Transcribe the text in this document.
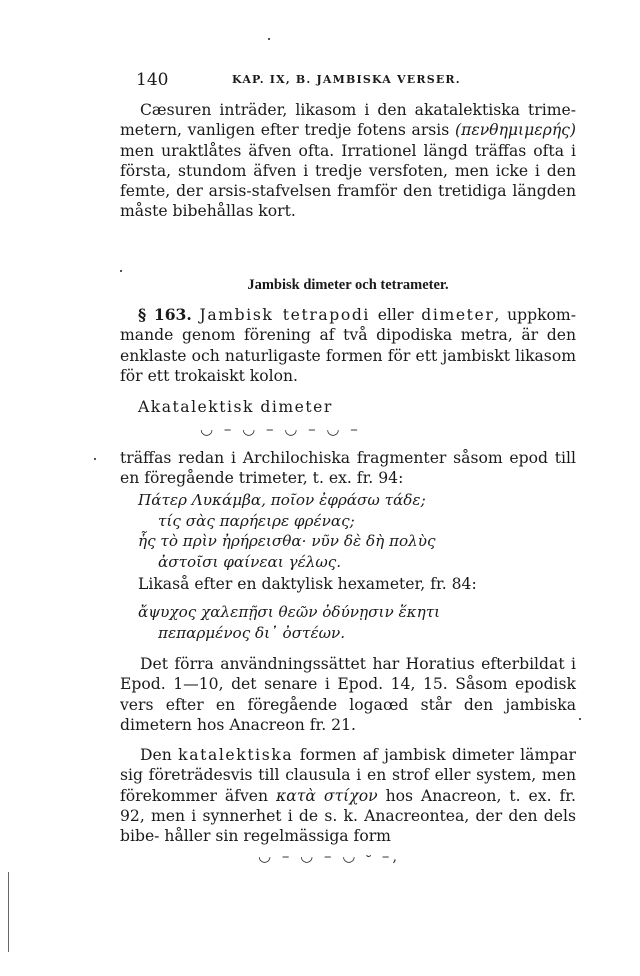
140	KAP. IX, B. JAMBISKA VERSER.
Cæsuren inträder, likasom i den akatalektiska trime- metern, vanligen efter tredje fotens arsis (πενθημιμερής) men uraktlåtes äfven ofta. Irrationel längd träffas ofta i första, stundom äfven i tredje versfoten, men icke i den femte, der arsis-stafvelsen framför den tretidiga längden måste bibehållas kort.
Jambisk dimeter och tetrameter.
§ 163. Jambisk tetrapodi eller dimeter, uppkom- mande genom förening af två dipodiska metra, är den enklaste och naturligaste formen för ett jambiskt likasom för ett trokaiskt kolon.
Akatalektisk dimeter
◡ – ◡ – ◡ – ◡ –
träffas redan i Archilochiska fragmenter såsom epod till en föregående trimeter, t. ex. fr. 94:
Πάτερ Λυκάμβα, ποῖον ἐφράσω τάδε;
τίς σὰς παρήειρε φρένας;
ἧς τὸ πρὶν ἠρήρεισθα· νῦν δὲ δὴ πολὺς
ἀστοῖσι φαίνεαι γέλως.
Likaså efter en daktylisk hexameter, fr. 84:
ἄψυχος χαλεπῇσι θεῶν ὀδύνῃσιν ἕκητι
πεπαρμένος δι᾽ ὀστέων.
Det förra användningssättet har Horatius efterbildat i Epod. 1—10, det senare i Epod. 14, 15. Såsom epodisk vers efter en föregående logaœd står den jambiska dimetern hos Anacreon fr. 21.
Den katalektiska formen af jambisk dimeter lämpar sig företrädesvis till clausula i en strof eller system, men förekommer äfven κατὰ στίχον hos Anacreon, t. ex. fr. 92, men i synnerhet i de s. k. Anacreontea, der den dels bibe- håller sin regelmässiga form
◡ – ◡ – ◡ ⏑ –,
